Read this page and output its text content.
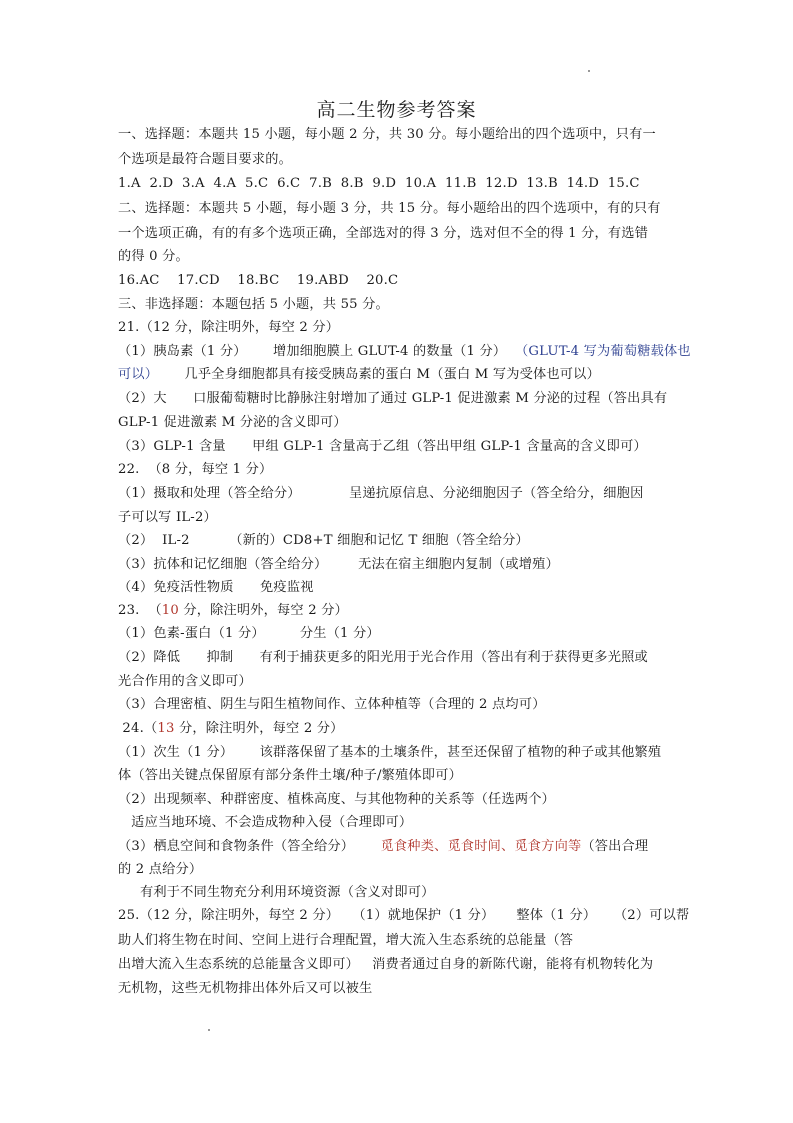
高二生物参考答案
一、选择题：本题共 15 小题，每小题 2 分，共 30 分。每小题给出的四个选项中，只有一
个选项是最符合题目要求的。
1.A  2.D  3.A  4.A  5.C  6.C  7.B  8.B  9.D  10.A  11.B  12.D  13.B  14.D  15.C
二、选择题：本题共 5 小题，每小题 3 分，共 15 分。每小题给出的四个选项中，有的只有
一个选项正确，有的有多个选项正确，全部选对的得 3 分，选对但不全的得 1 分，有选错
的得 0 分。
16.AC    17.CD    18.BC    19.ABD    20.C
三、非选择题：本题包括 5 小题，共 55 分。
21.（12 分，除注明外，每空 2 分）
（1）胰岛素（1 分）      增加细胞膜上 GLUT-4 的数量（1 分）  （GLUT-4 写为葡萄糖载体也
可以）      几乎全身细胞都具有接受胰岛素的蛋白 M（蛋白 M 写为受体也可以）
（2）大      口服葡萄糖时比静脉注射增加了通过 GLP-1 促进激素 M 分泌的过程（答出具有
GLP-1 促进激素 M 分泌的含义即可）
（3）GLP-1 含量      甲组 GLP-1 含量高于乙组（答出甲组 GLP-1 含量高的含义即可）
22.  （8 分，每空 1 分）
（1）摄取和处理（答全给分）           呈递抗原信息、分泌细胞因子（答全给分，细胞因
子可以写 IL-2）
（2）  IL-2         （新的）CD8+T 细胞和记忆 T 细胞（答全给分）
（3）抗体和记忆细胞（答全给分）       无法在宿主细胞内复制（或增殖）
（4）免疫活性物质      免疫监视
23.  （10 分，除注明外，每空 2 分）
（1）色素-蛋白（1 分）        分生（1 分）
（2）降低      抑制      有利于捕获更多的阳光用于光合作用（答出有利于获得更多光照或
光合作用的含义即可）
（3）合理密植、阴生与阳生植物间作、立体种植等（合理的 2 点均可）
24.（13 分，除注明外，每空 2 分）
（1）次生（1 分）      该群落保留了基本的土壤条件，甚至还保留了植物的种子或其他繁殖
体（答出关键点保留原有部分条件土壤/种子/繁殖体即可）
（2）出现频率、种群密度、植株高度、与其他物种的关系等（任选两个）
适应当地环境、不会造成物种入侵（合理即可）
（3）栖息空间和食物条件（答全给分）      觅食种类、觅食时间、觅食方向等（答出合理
的 2 点给分）
有利于不同生物充分利用环境资源（含义对即可）
25.（12 分，除注明外，每空 2 分）   （1）就地保护（1 分）     整体（1 分）    （2）可以帮
助人们将生物在时间、空间上进行合理配置，增大流入生态系统的总能量（答
出增大流入生态系统的总能量含义即可）   消费者通过自身的新陈代谢，能将有机物转化为
无机物，这些无机物排出体外后又可以被生
